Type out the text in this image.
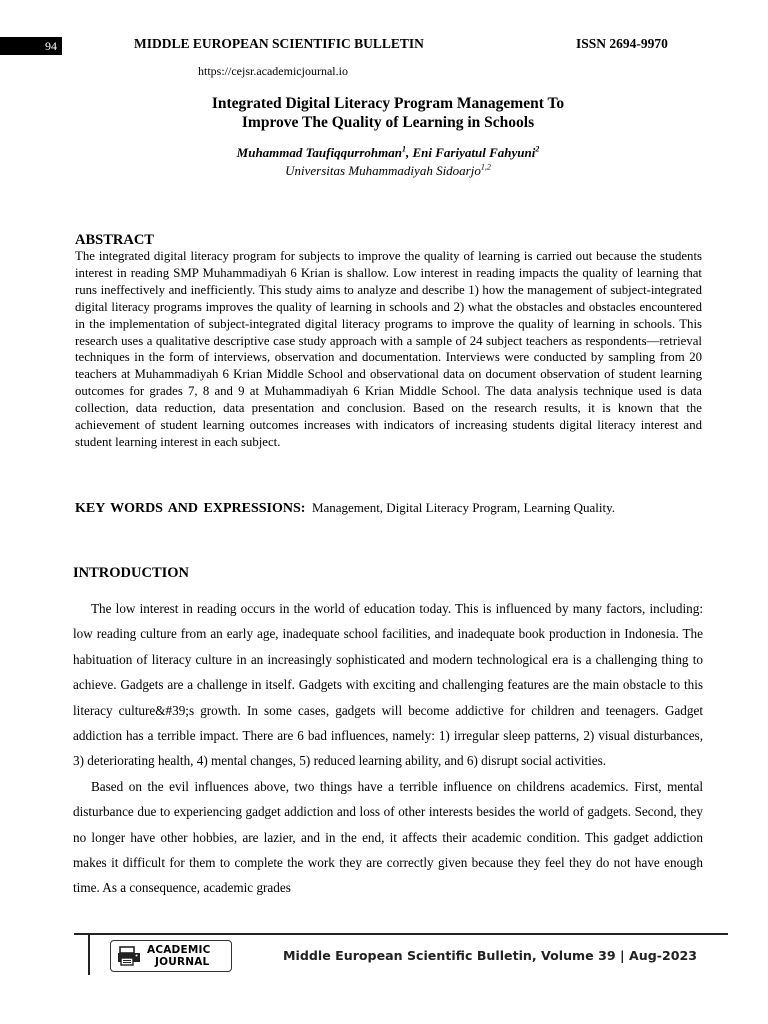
94	MIDDLE EUROPEAN SCIENTIFIC BULLETIN	ISSN 2694-9970
https://cejsr.academicjournal.io
Integrated Digital Literacy Program Management To
Improve The Quality of Learning in Schools
Muhammad Taufiqqurrohman$^1$, Eni Fariyatul Fahyuni$^2$
Universitas Muhammadiyah Sidoarjo$^{1,2}$
ABSTRACT
The integrated digital literacy program for subjects to improve the quality of learning is carried out because the students interest in reading SMP Muhammadiyah 6 Krian is shallow. Low interest in reading impacts the quality of learning that runs ineffectively and inefficiently. This study aims to analyze and describe 1) how the management of subject-integrated digital literacy programs improves the quality of learning in schools and 2) what the obstacles and obstacles encountered in the implementation of subject-integrated digital literacy programs to improve the quality of learning in schools. This research uses a qualitative descriptive case study approach with a sample of 24 subject teachers as respondents—retrieval techniques in the form of interviews, observation and documentation. Interviews were conducted by sampling from 20 teachers at Muhammadiyah 6 Krian Middle School and observational data on document observation of student learning outcomes for grades 7, 8 and 9 at Muhammadiyah 6 Krian Middle School. The data analysis technique used is data collection, data reduction, data presentation and conclusion. Based on the research results, it is known that the achievement of student learning outcomes increases with indicators of increasing students digital literacy interest and student learning interest in each subject.
KEY WORDS AND EXPRESSIONS: Management, Digital Literacy Program, Learning Quality.
INTRODUCTION

The low interest in reading occurs in the world of education today. This is influenced by many factors, including: low reading culture from an early age, inadequate school facilities, and inadequate book production in Indonesia. The habituation of literacy culture in an increasingly sophisticated and modern technological era is a challenging thing to achieve. Gadgets are a challenge in itself. Gadgets with exciting and challenging features are the main obstacle to this literacy culture&#39;s growth. In some cases, gadgets will become addictive for children and teenagers. Gadget addiction has a terrible impact. There are 6 bad influences, namely: 1) irregular sleep patterns, 2) visual disturbances, 3) deteriorating health, 4) mental changes, 5) reduced learning ability, and 6) disrupt social activities.

Based on the evil influences above, two things have a terrible influence on childrens academics. First, mental disturbance due to experiencing gadget addiction and loss of other interests besides the world of gadgets. Second, they no longer have other hobbies, are lazier, and in the end, it affects their academic condition. This gadget addiction makes it difficult for them to complete the work they are correctly given because they feel they do not have enough time. As a consequence, academic grades

ACADEMIC
JOURNAL	Middle European Scientific Bulletin, Volume 39 | Aug-2023
